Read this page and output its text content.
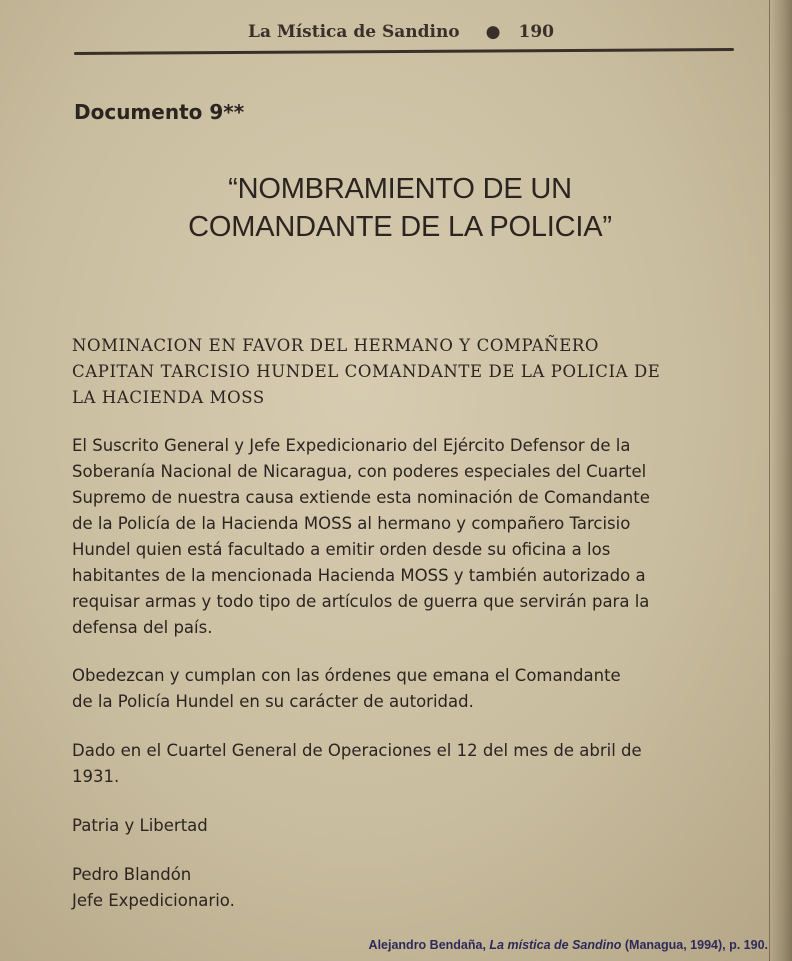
La Mística de Sandino ● 190
Documento 9**
“NOMBRAMIENTO DE UN
COMANDANTE DE LA POLICIA”
NOMINACION EN FAVOR DEL HERMANO Y COMPAÑERO
CAPITAN TARCISIO HUNDEL COMANDANTE DE LA POLICIA DE
LA HACIENDA MOSS
El Suscrito General y Jefe Expedicionario del Ejército Defensor de la
Soberanía Nacional de Nicaragua, con poderes especiales del Cuartel
Supremo de nuestra causa extiende esta nominación de Comandante
de la Policía de la Hacienda MOSS al hermano y compañero Tarcisio
Hundel quien está facultado a emitir orden desde su oficina a los
habitantes de la mencionada Hacienda MOSS y también autorizado a
requisar armas y todo tipo de artículos de guerra que servirán para la
defensa del país.
Obedezcan y cumplan con las órdenes que emana el Comandante
de la Policía Hundel en su carácter de autoridad.
Dado en el Cuartel General de Operaciones el 12 del mes de abril de
1931.
Patria y Libertad
Pedro Blandón
Jefe Expedicionario.
Alejandro Bendaña, La mística de Sandino (Managua, 1994), p. 190.
